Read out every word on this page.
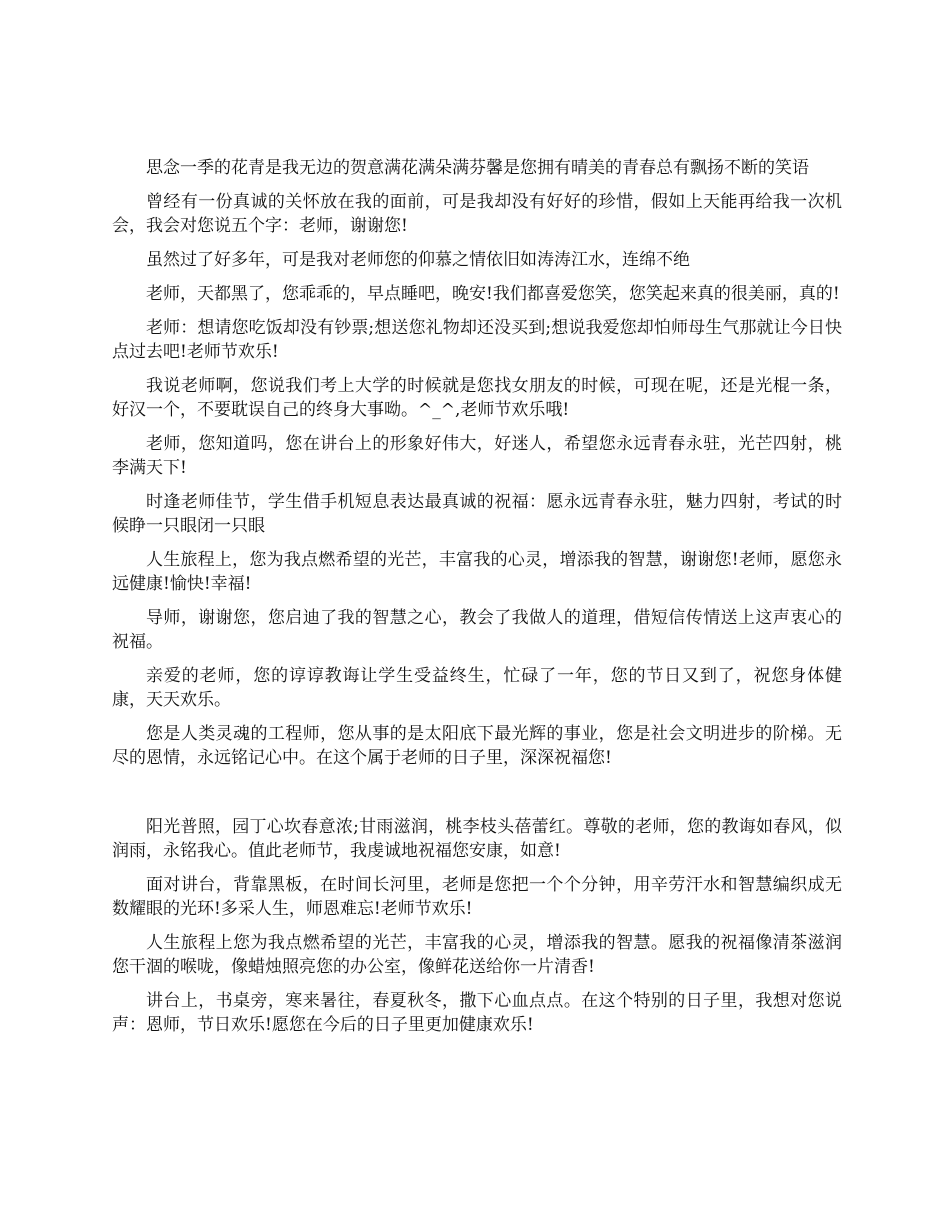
思念一季的花青是我无边的贺意满花满朵满芬馨是您拥有晴美的青春总有飘扬不断的笑语

曾经有一份真诚的关怀放在我的面前，可是我却没有好好的珍惜，假如上天能再给我一次机会，我会对您说五个字：老师，谢谢您!

虽然过了好多年，可是我对老师您的仰慕之情依旧如涛涛江水，连绵不绝

老师，天都黑了，您乖乖的，早点睡吧，晚安!我们都喜爱您笑，您笑起来真的很美丽，真的!

老师：想请您吃饭却没有钞票;想送您礼物却还没买到;想说我爱您却怕师母生气那就让今日快点过去吧!老师节欢乐!

我说老师啊，您说我们考上大学的时候就是您找女朋友的时候，可现在呢，还是光棍一条，好汉一个，不要耽误自己的终身大事呦。^_^,老师节欢乐哦!

老师，您知道吗，您在讲台上的形象好伟大，好迷人，希望您永远青春永驻，光芒四射，桃李满天下!

时逢老师佳节，学生借手机短息表达最真诚的祝福：愿永远青春永驻，魅力四射，考试的时候睁一只眼闭一只眼

人生旅程上，您为我点燃希望的光芒，丰富我的心灵，增添我的智慧，谢谢您!老师，愿您永远健康!愉快!幸福!

导师，谢谢您，您启迪了我的智慧之心，教会了我做人的道理，借短信传情送上这声衷心的祝福。

亲爱的老师，您的谆谆教诲让学生受益终生，忙碌了一年，您的节日又到了，祝您身体健康，天天欢乐。

您是人类灵魂的工程师，您从事的是太阳底下最光辉的事业，您是社会文明进步的阶梯。无尽的恩情，永远铭记心中。在这个属于老师的日子里，深深祝福您!

阳光普照，园丁心坎春意浓;甘雨滋润，桃李枝头蓓蕾红。尊敬的老师，您的教诲如春风，似润雨，永铭我心。值此老师节，我虔诚地祝福您安康，如意!

面对讲台，背靠黑板，在时间长河里，老师是您把一个个分钟，用辛劳汗水和智慧编织成无数耀眼的光环!多采人生，师恩难忘!老师节欢乐!

人生旅程上您为我点燃希望的光芒，丰富我的心灵，增添我的智慧。愿我的祝福像清茶滋润您干涸的喉咙，像蜡烛照亮您的办公室，像鲜花送给你一片清香!

讲台上，书桌旁，寒来暑往，春夏秋冬，撒下心血点点。在这个特别的日子里，我想对您说声：恩师，节日欢乐!愿您在今后的日子里更加健康欢乐!
